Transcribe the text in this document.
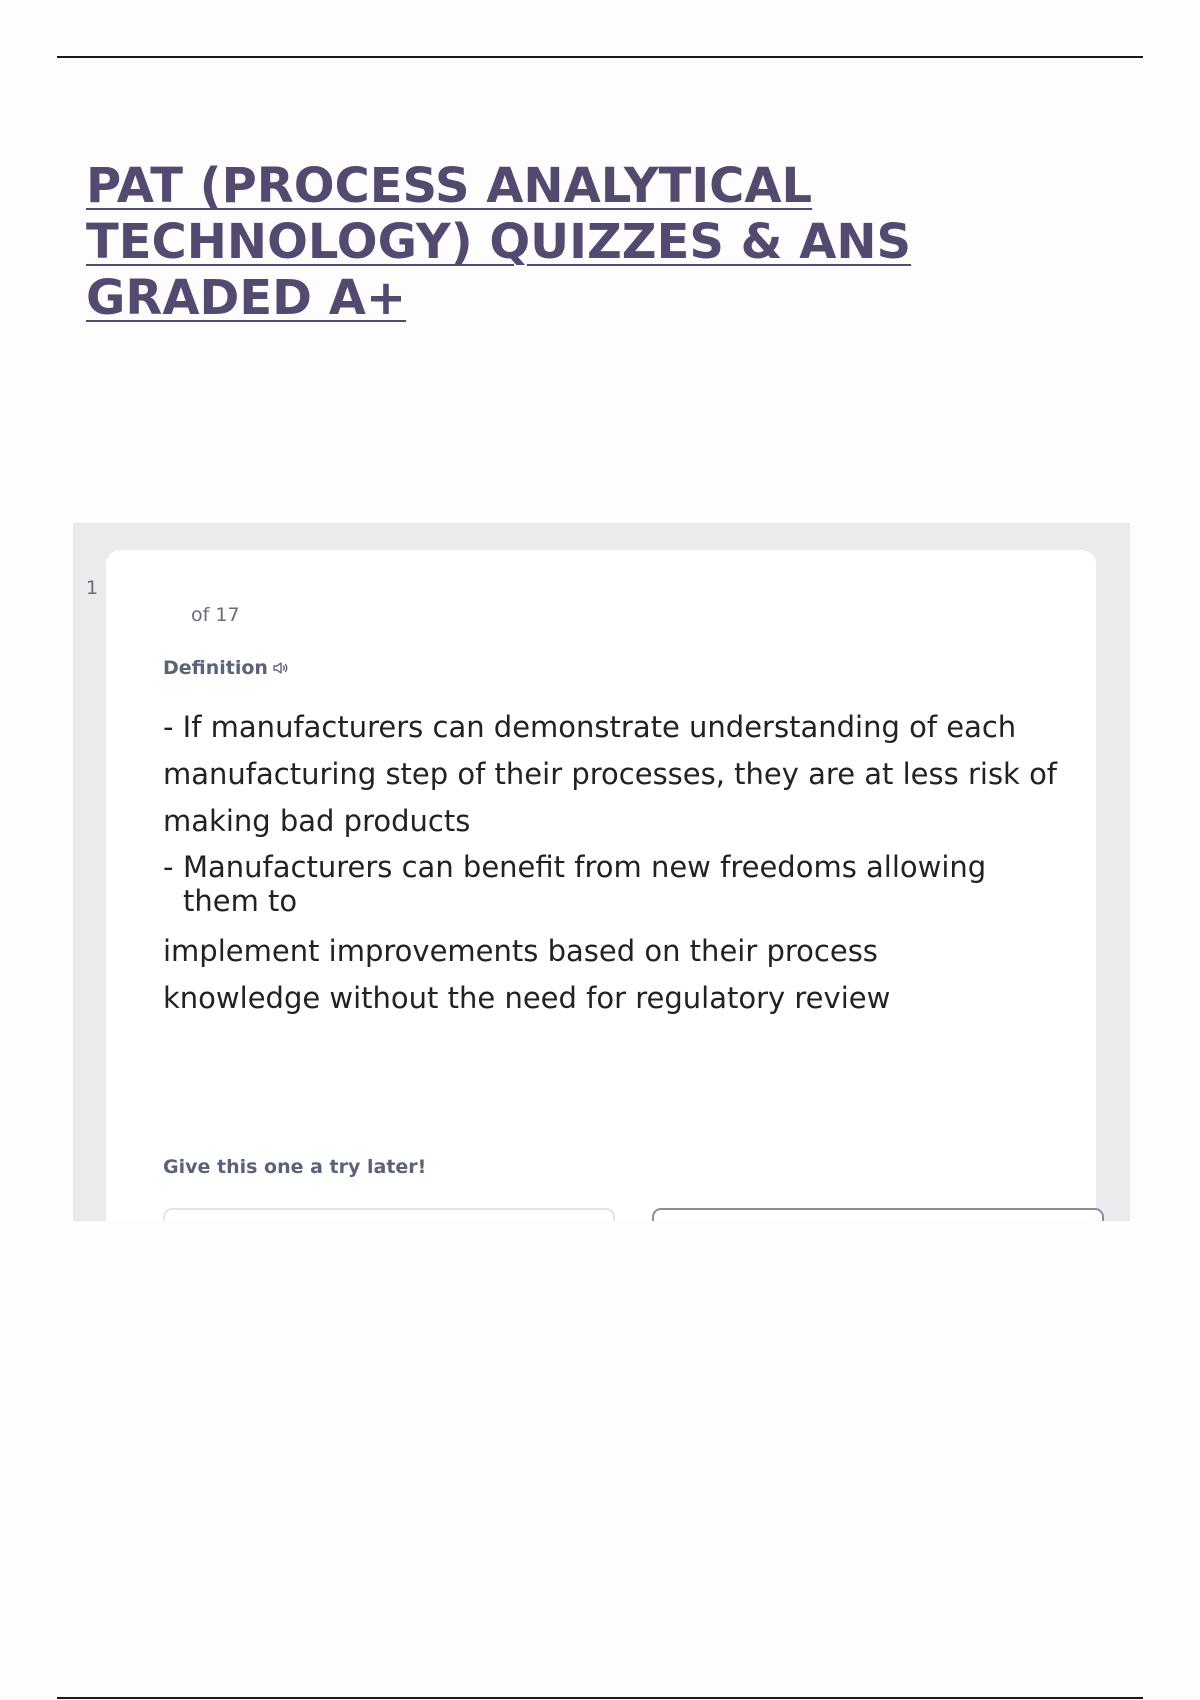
PAT (PROCESS ANALYTICAL
TECHNOLOGY) QUIZZES & ANS
GRADED A+
1
of 17
Definition

- If manufacturers can demonstrate understanding of each

manufacturing step of their processes, they are at less risk of

making bad products

- Manufacturers can benefit from new freedoms allowing them to

implement improvements based on their process

knowledge without the need for regulatory review

Give this one a try later!
